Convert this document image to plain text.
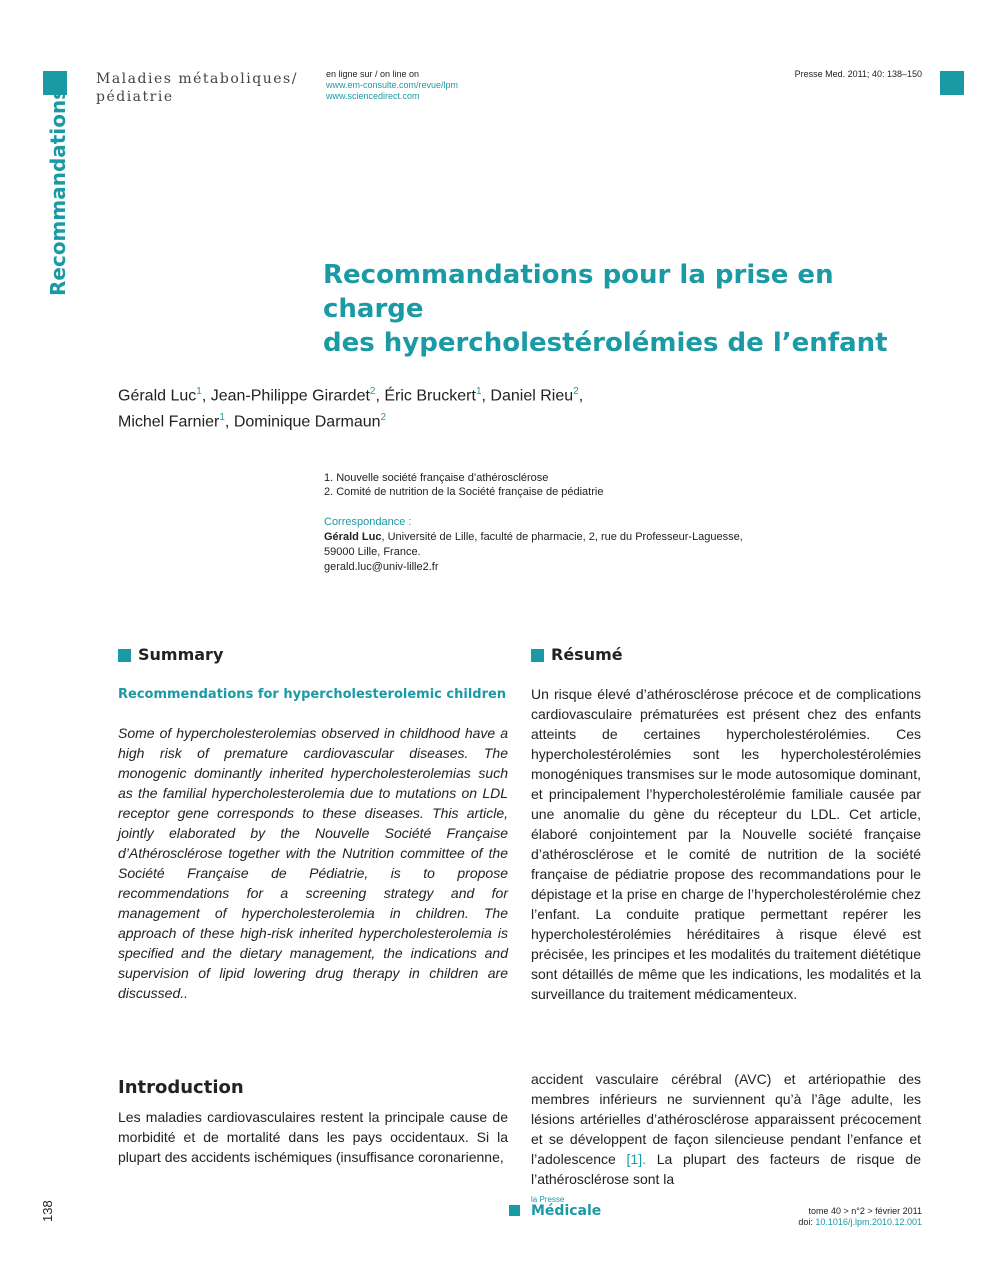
Maladies métaboliques/
pédiatrie
en ligne sur / on line on
www.em-consulte.com/revue/lpm
www.sciencedirect.com
Presse Med. 2011; 40: 138–150
Recommandations	Recommandations pour la prise en charge
des hypercholestérolémies de l’enfant
Gérald Luc$^1$, Jean-Philippe Girardet$^2$, Éric Bruckert$^1$, Daniel Rieu$^2$,
Michel Farnier$^1$, Dominique Darmaun$^2$
1. Nouvelle société française d’athérosclérose
2. Comité de nutrition de la Société française de pédiatrie
Correspondance :
Gérald Luc, Université de Lille, faculté de pharmacie, 2, rue du Professeur-Laguesse,
59000 Lille, France.
gerald.luc@univ-lille2.fr
Summary
Recommendations for hypercholesterolemic children
Some of hypercholesterolemias observed in childhood have a high risk of premature cardiovascular diseases. The monogenic dominantly inherited hypercholesterolemias such as the familial hypercholesterolemia due to mutations on LDL receptor gene corresponds to these diseases. This article, jointly elaborated by the Nouvelle Société Française d’Athérosclérose together with the Nutrition committee of the Société Française de Pédiatrie, is to propose recommendations for a screening strategy and for management of hypercholesterolemia in children. The approach of these high-risk inherited hypercholesterolemia is specified and the dietary management, the indications and supervision of lipid lowering drug therapy in children are discussed..
Résumé
Un risque élevé d’athérosclérose précoce et de complications cardiovasculaire prématurées est présent chez des enfants atteints de certaines hypercholestérolémies. Ces hypercholestérolémies sont les hypercholestérolémies monogéniques transmises sur le mode autosomique dominant, et principalement l’hypercholestérolémie familiale causée par une anomalie du gène du récepteur du LDL. Cet article, élaboré conjointement par la Nouvelle société française d’athérosclérose et le comité de nutrition de la société française de pédiatrie propose des recommandations pour le dépistage et la prise en charge de l’hypercholestérolémie chez l’enfant. La conduite pratique permettant repérer les hypercholestérolémies héréditaires à risque élevé est précisée, les principes et les modalités du traitement diététique sont détaillés de même que les indications, les modalités et la surveillance du traitement médicamenteux.
Introduction
Les maladies cardiovasculaires restent la principale cause de morbidité et de mortalité dans les pays occidentaux. Si la plupart des accidents ischémiques (insuffisance coronarienne,
accident vasculaire cérébral (AVC) et artériopathie des membres inférieurs ne surviennent qu’à l’âge adulte, les lésions artérielles d’athérosclérose apparaissent précocement et se développent de façon silencieuse pendant l’enfance et l’adolescence [1]. La plupart des facteurs de risque de l’athérosclérose sont la
138
la Presse
Médicale	tome 40 > n°2 > février 2011
doi: 10.1016/j.lpm.2010.12.001
